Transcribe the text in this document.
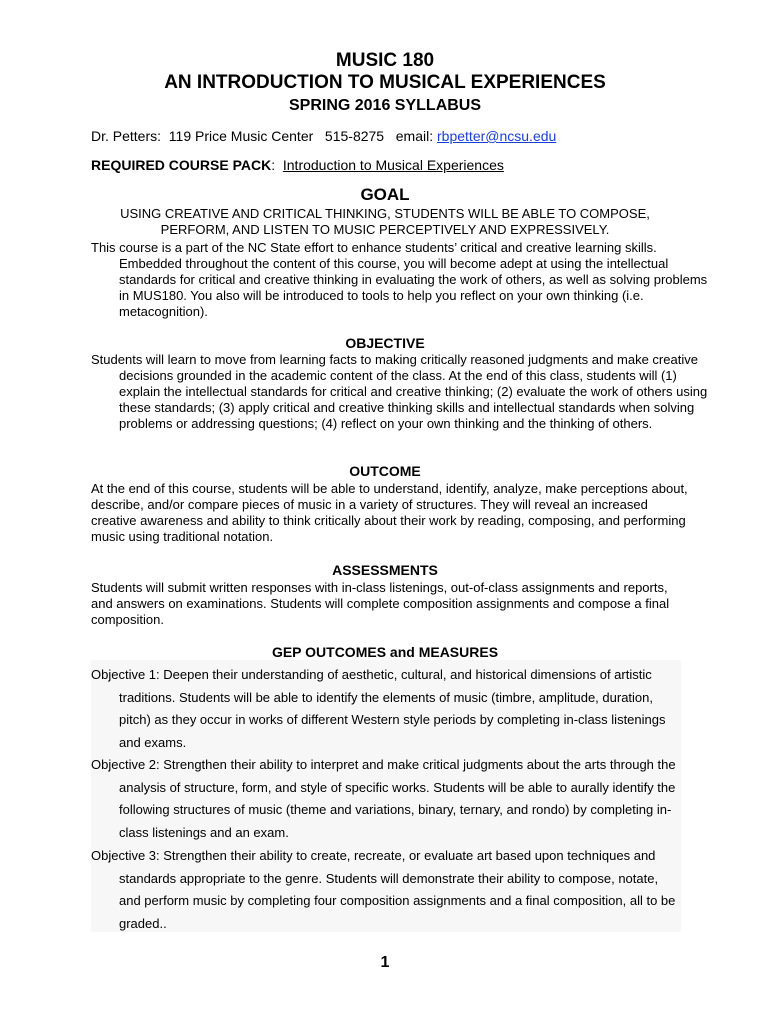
MUSIC 180
AN INTRODUCTION TO MUSICAL EXPERIENCES
SPRING 2016 SYLLABUS
Dr. Petters:  119 Price Music Center   515-8275   email: rbpetter@ncsu.edu
REQUIRED COURSE PACK:  Introduction to Musical Experiences
GOAL
USING CREATIVE AND CRITICAL THINKING, STUDENTS WILL BE ABLE TO COMPOSE,
PERFORM, AND LISTEN TO MUSIC PERCEPTIVELY AND EXPRESSIVELY.
This course is a part of the NC State effort to enhance students’ critical and creative learning skills. Embedded throughout the content of this course, you will become adept at using the intellectual standards for critical and creative thinking in evaluating the work of others, as well as solving problems in MUS180. You also will be introduced to tools to help you reflect on your own thinking (i.e. metacognition).
OBJECTIVE
Students will learn to move from learning facts to making critically reasoned judgments and make creative decisions grounded in the academic content of the class. At the end of this class, students will (1) explain the intellectual standards for critical and creative thinking; (2) evaluate the work of others using these standards; (3) apply critical and creative thinking skills and intellectual standards when solving problems or addressing questions; (4) reflect on your own thinking and the thinking of others.
OUTCOME
At the end of this course, students will be able to understand, identify, analyze, make perceptions about, describe, and/or compare pieces of music in a variety of structures. They will reveal an increased creative awareness and ability to think critically about their work by reading, composing, and performing music using traditional notation.
ASSESSMENTS
Students will submit written responses with in-class listenings, out-of-class assignments and reports, and answers on examinations. Students will complete composition assignments and compose a final composition.
GEP OUTCOMES and MEASURES
Objective 1: Deepen their understanding of aesthetic, cultural, and historical dimensions of artistic traditions. Students will be able to identify the elements of music (timbre, amplitude, duration, pitch) as they occur in works of different Western style periods by completing in-class listenings and exams.
Objective 2: Strengthen their ability to interpret and make critical judgments about the arts through the analysis of structure, form, and style of specific works. Students will be able to aurally identify the following structures of music (theme and variations, binary, ternary, and rondo) by completing in-class listenings and an exam.
Objective 3: Strengthen their ability to create, recreate, or evaluate art based upon techniques and standards appropriate to the genre. Students will demonstrate their ability to compose, notate, and perform music by completing four composition assignments and a final composition, all to be graded..
1
